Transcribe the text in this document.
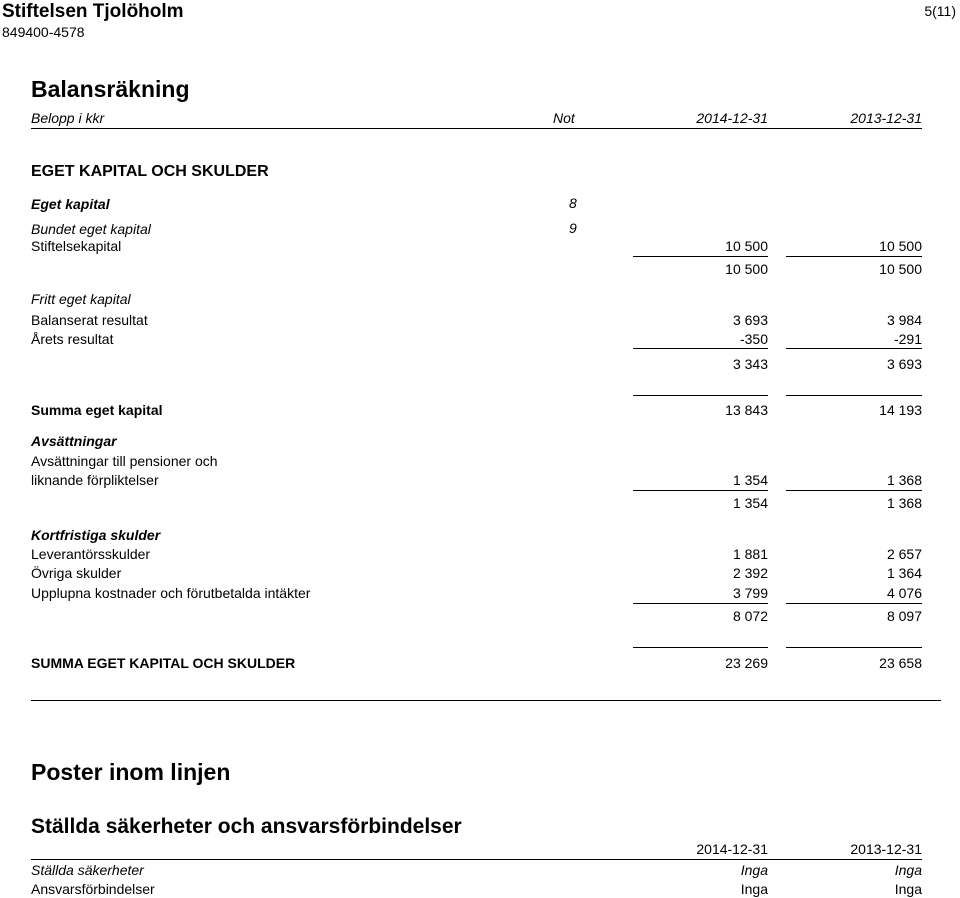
Stiftelsen Tjolöholm
849400-4578
5(11)
Balansräkning
Belopp i kkr	Not	2014-12-31	2013-12-31
EGET KAPITAL OCH SKULDER
Eget kapital	8
Bundet eget kapital	9
Stiftelsekapital	10 500	10 500
10 500	10 500
Fritt eget kapital
Balanserat resultat	3 693	3 984
Årets resultat	-350	-291
3 343	3 693
Summa eget kapital	13 843	14 193
Avsättningar
Avsättningar till pensioner och
liknande förpliktelser	1 354	1 368
1 354	1 368
Kortfristiga skulder
Leverantörsskulder	1 881	2 657
Övriga skulder	2 392	1 364
Upplupna kostnader och förutbetalda intäkter	3 799	4 076
8 072	8 097
SUMMA EGET KAPITAL OCH SKULDER	23 269	23 658
Poster inom linjen
Ställda säkerheter och ansvarsförbindelser
2014-12-31	2013-12-31
Ställda säkerheter	Inga	Inga
Ansvarsförbindelser	Inga	Inga
